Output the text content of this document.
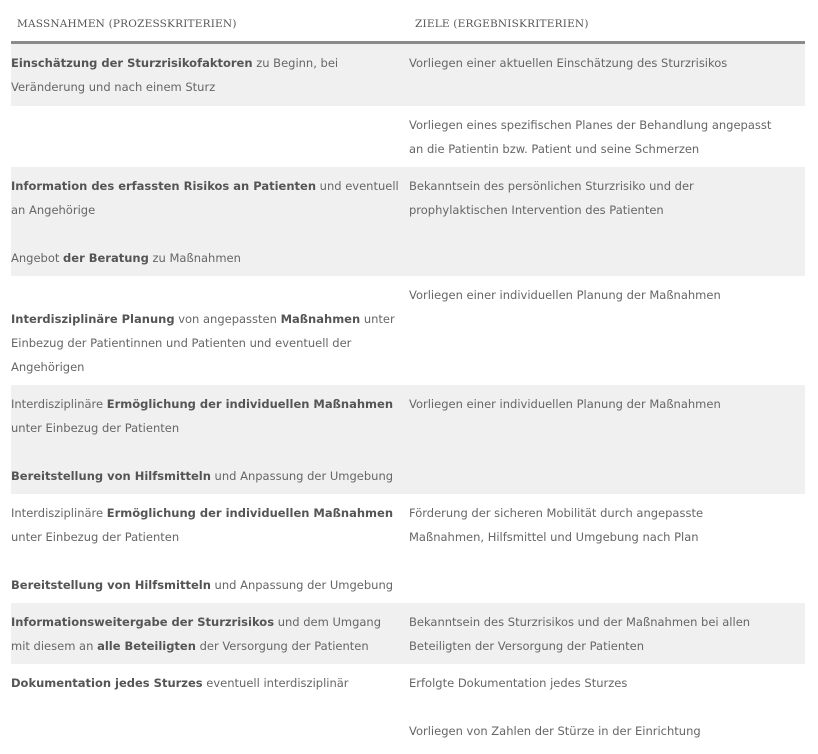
MASSNAHMEN (PROZESSKRITERIEN)	ZIELE (ERGEBNISKRITERIEN)

Einschätzung der Sturzrisikofaktoren zu Beginn, bei Veränderung und nach einem Sturz

Vorliegen einer aktuellen Einschätzung des Sturzrisikos

Vorliegen eines spezifischen Planes der Behandlung angepasst an die Patientin bzw. Patient und seine Schmerzen

Information des erfassten Risikos an Patienten und eventuell an Angehörige

Angebot der Beratung zu Maßnahmen

Bekanntsein des persönlichen Sturzrisiko und der prophylaktischen Intervention des Patienten

Interdisziplinäre Planung von angepassten Maßnahmen unter Einbezug der Patientinnen und Patienten und eventuell der Angehörigen

Vorliegen einer individuellen Planung der Maßnahmen

Interdisziplinäre Ermöglichung der individuellen Maßnahmen unter Einbezug der Patienten

Bereitstellung von Hilfsmitteln und Anpassung der Umgebung

Vorliegen einer individuellen Planung der Maßnahmen

Interdisziplinäre Ermöglichung der individuellen Maßnahmen unter Einbezug der Patienten

Bereitstellung von Hilfsmitteln und Anpassung der Umgebung

Förderung der sicheren Mobilität durch angepasste Maßnahmen, Hilfsmittel und Umgebung nach Plan

Informationsweitergabe der Sturzrisikos und dem Umgang mit diesem an alle Beteiligten der Versorgung der Patienten

Bekanntsein des Sturzrisikos und der Maßnahmen bei allen Beteiligten der Versorgung der Patienten

Dokumentation jedes Sturzes eventuell interdisziplinär	Erfolgte Dokumentation jedes Sturzes

Vorliegen von Zahlen der Stürze in der Einrichtung
